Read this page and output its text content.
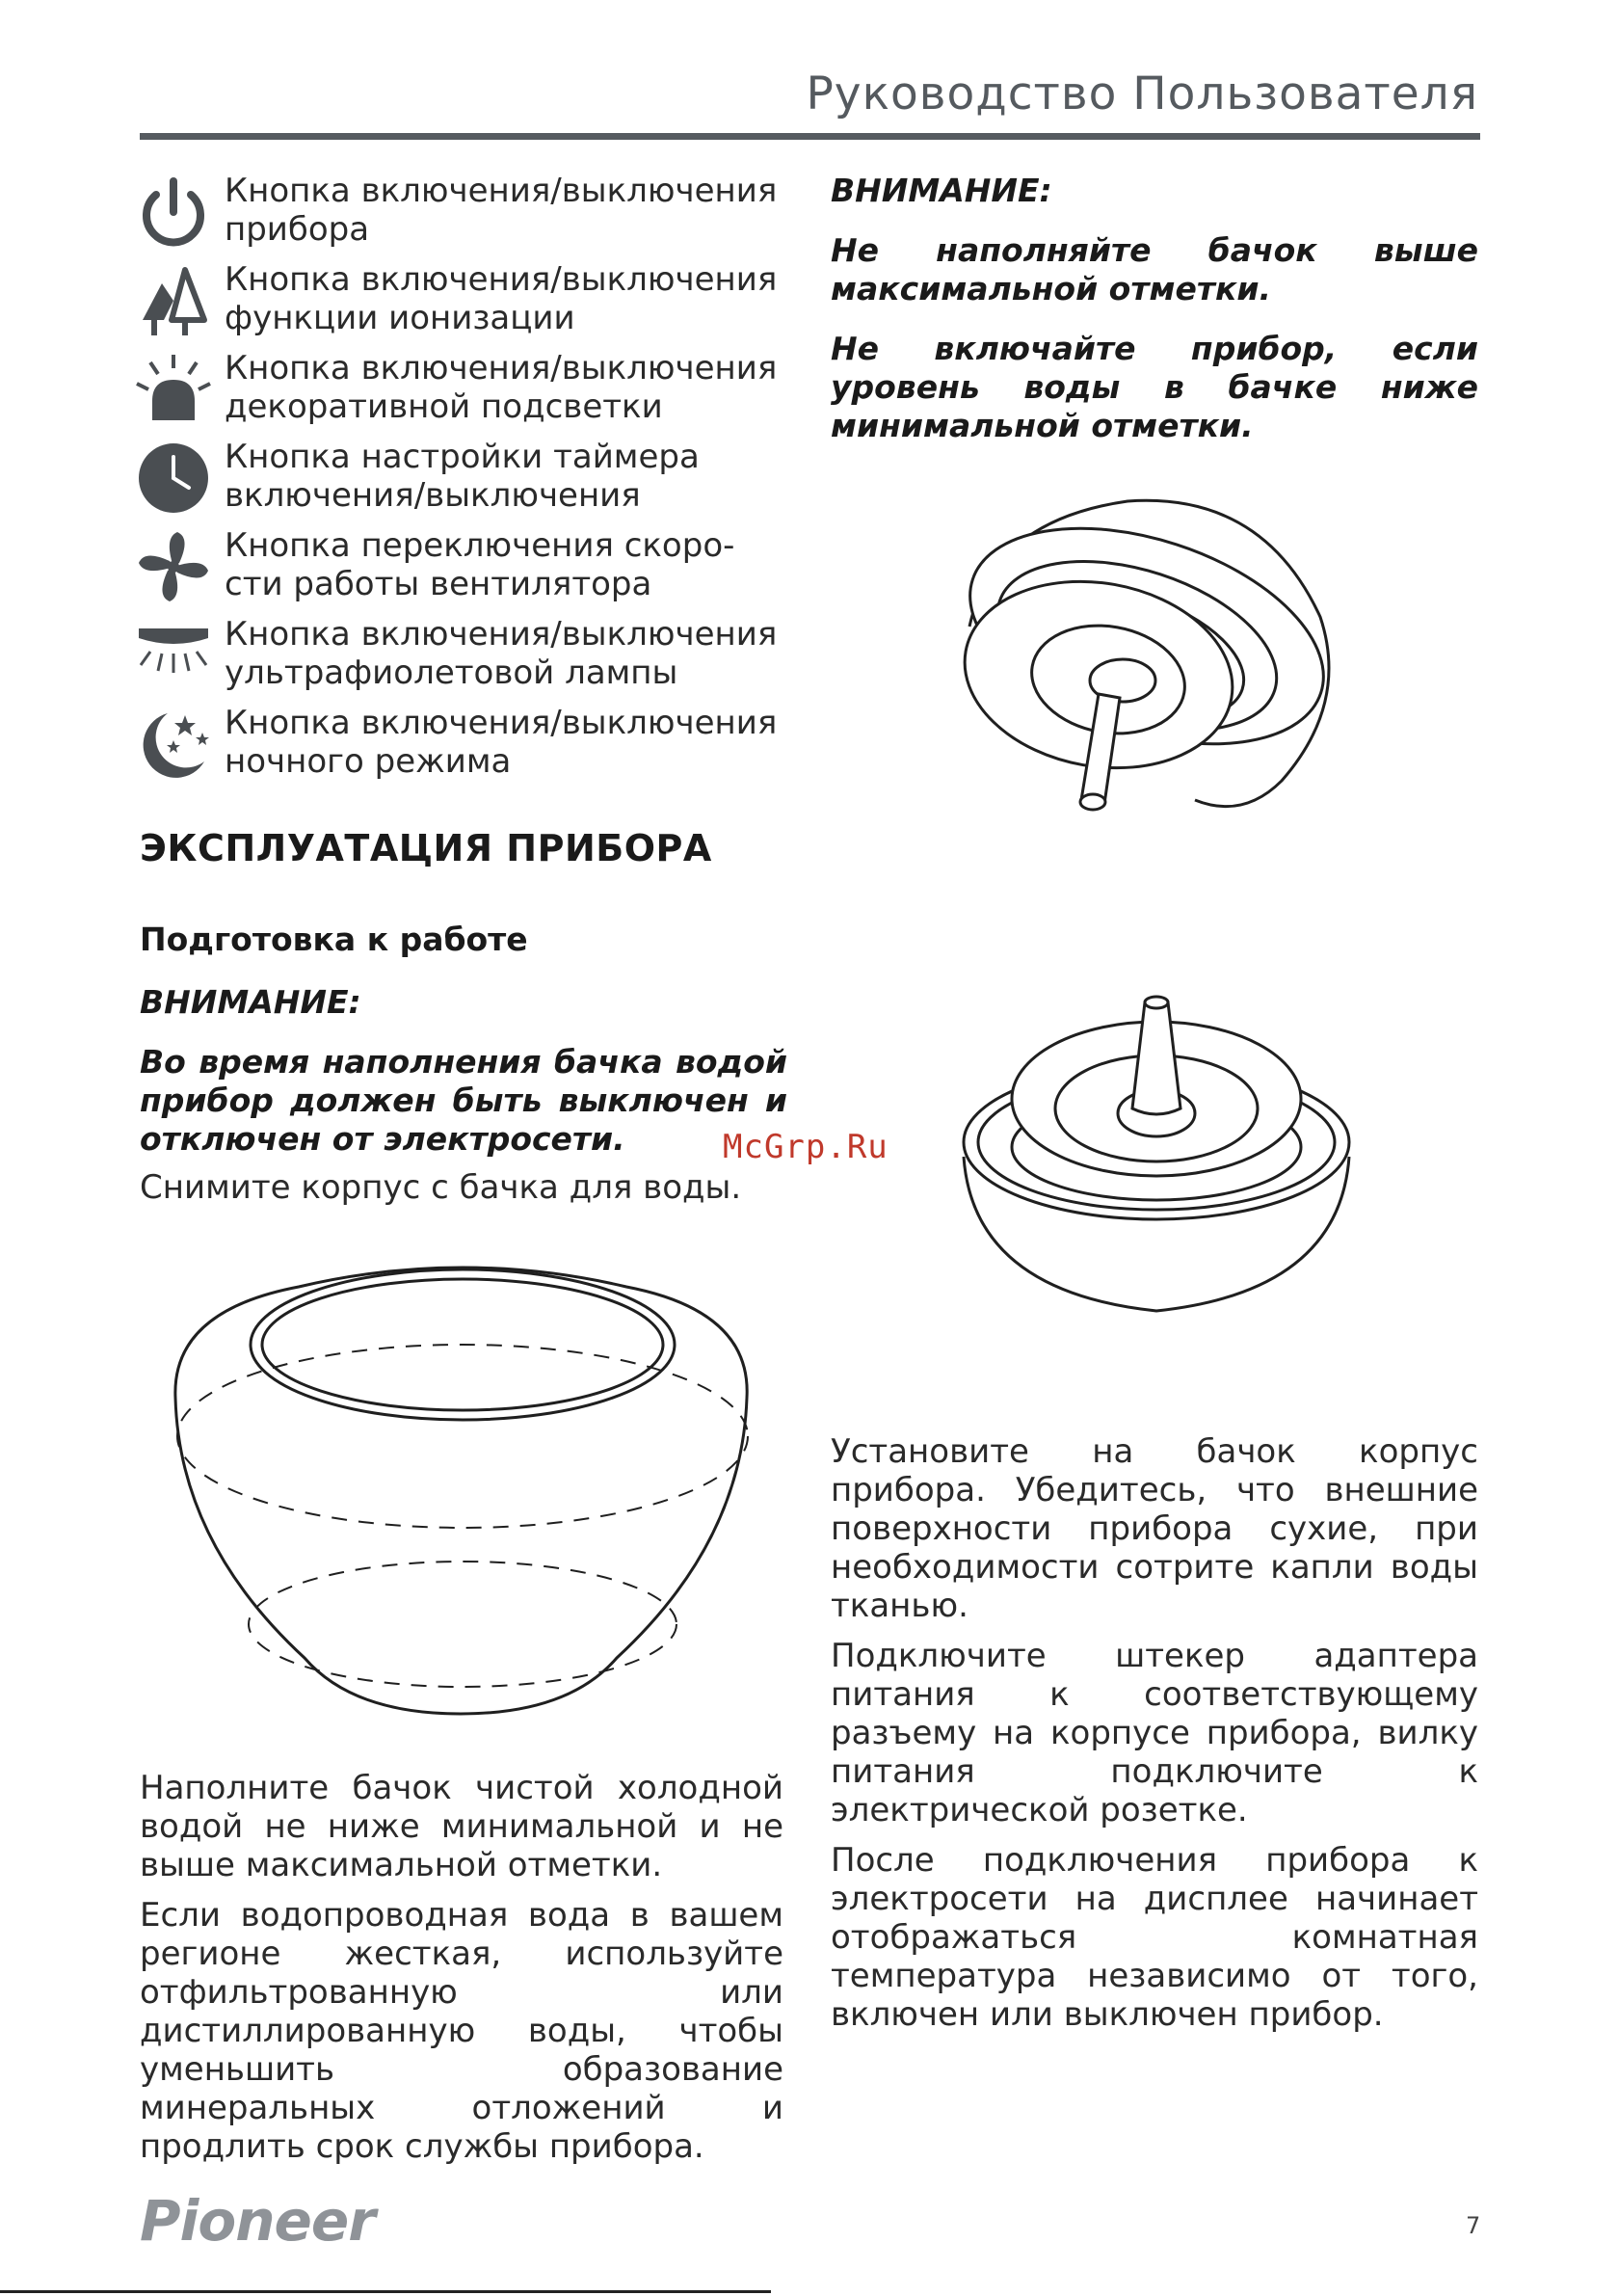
Руководство Пользователя
Кнопка включения/выключения
прибора
Кнопка включения/выключения
функции ионизации
Кнопка включения/выключения
декоративной подсветки
Кнопка настройки таймера
включения/выключения
Кнопка переключения скоро-
сти работы вентилятора
Кнопка включения/выключения
ультрафиолетовой лампы
Кнопка включения/выключения
ночного режима
ЭКСПЛУАТАЦИЯ ПРИБОРА
Подготовка к работе
ВНИМАНИЕ:
Во время наполнения бачка водой прибор должен быть выключен и отключен от электросети.
Снимите корпус с бачка для воды.
McGrp.Ru

Наполните бачок чистой холодной водой не ниже минимальной и не выше максимальной отметки.

Если водопроводная вода в вашем регионе жесткая, используйте отфильтрованную или дистиллированную воды, чтобы уменьшить образование минеральных отложений и продлить срок службы прибора.

ВНИМАНИЕ:
Не наполняйте бачок выше максимальной отметки.
Не включайте прибор, если уровень воды в бачке ниже минимальной отметки.

Установите на бачок корпус прибора. Убедитесь, что внешние поверхности прибора сухие, при необходимости сотрите капли воды тканью.

Подключите штекер адаптера питания к соответствующему разъему на корпусе прибора, вилку питания подключите к электрической розетке.

После подключения прибора к электросети на дисплее начинает отображаться комнатная температура независимо от того, включен или выключен прибор.

Pioneer	7
